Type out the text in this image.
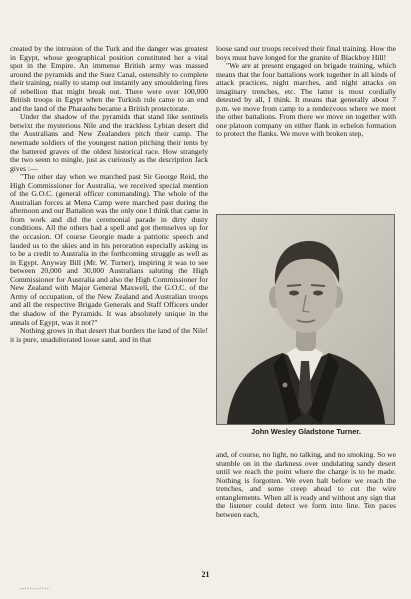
created by the intrusion of the Turk and the danger was greatest in Egypt, whose geographical position constituted her a vital spot in the Empire. An immense British army was massed around the pyramids and the Suez Canal, ostensibly to complete their training, really to stamp out instantly any smouldering fires of rebellion that might break out. There were over 100,000 British troops in Egypt when the Turkish rule came to an end and the land of the Pharaohs became a British protectorate.

Under the shadow of the pyramids that stand like sentinels betwixt the mysterious Nile and the trackless Lybian desert did the Australians and New Zealanders pitch their camp. The newmade soldiers of the youngest nation pitching their tents by the battered graves of the oldest historical race. How strangely the two seem to mingle, just as curiously as the description Jack gives :—

"The other day when we marched past Sir George Reid, the High Commissioner for Australia, we received special mention of the G.O.C. (general officer commanding). The whole of the Australian forces at Mena Camp were marched past during the afternoon and our Battalion was the only one I think that came in from work and did the ceremonial parade in dirty dusty conditions. All the others had a spell and got themselves up for the occasion. Of course Georgie made a patriotic speech and lauded us to the skies and in his peroration especially asking us to be a credit to Australia in the forthcoming struggle as well as in Egypt. Anyway Bill (Mr. W. Turner), inspiring it was to see between 20,000 and 30,000 Australians saluting the High Commissioner for Australia and also the High Commissioner for New Zealand with Major General Maxwell, the G.O.C. of the Army of occupation, of the New Zealand and Australian troops and all the respective Brigade Generals and Staff Officers under the shadow of the Pyramids. It was absolutely unique in the annals of Egypt, was it not?"

Nothing grows in that desert that borders the land of the Nile! it is pure, unadulterated loose sand, and in that

loose sand our troops received their final training. How the boys must have longed for the granite of Blackboy Hill!

"We are at present engaged on brigade training, which means that the four battalions work together in all kinds of attack practices, night marches, and night attacks on imaginary trenches, etc. The latter is most cordially detested by all, I think. It means that generally about 7 p.m. we move from camp to a rendezvous where we meet the other battalions. From there we move on together with one platoon company on either flank in echelon formation to protect the flanks. We move with broken step,

John Wesley Gladstone Turner.

and, of course, no light, no talking, and no smoking. So we stumble on in the darkness over undulating sandy desert until we reach the point where the charge is to be made. Nothing is forgotten. We even halt before we reach the trenches, and some creep ahead to cut the wire entanglements. When all is ready and without any sign that the listener could detect we form into line. Ten paces between each,

21
